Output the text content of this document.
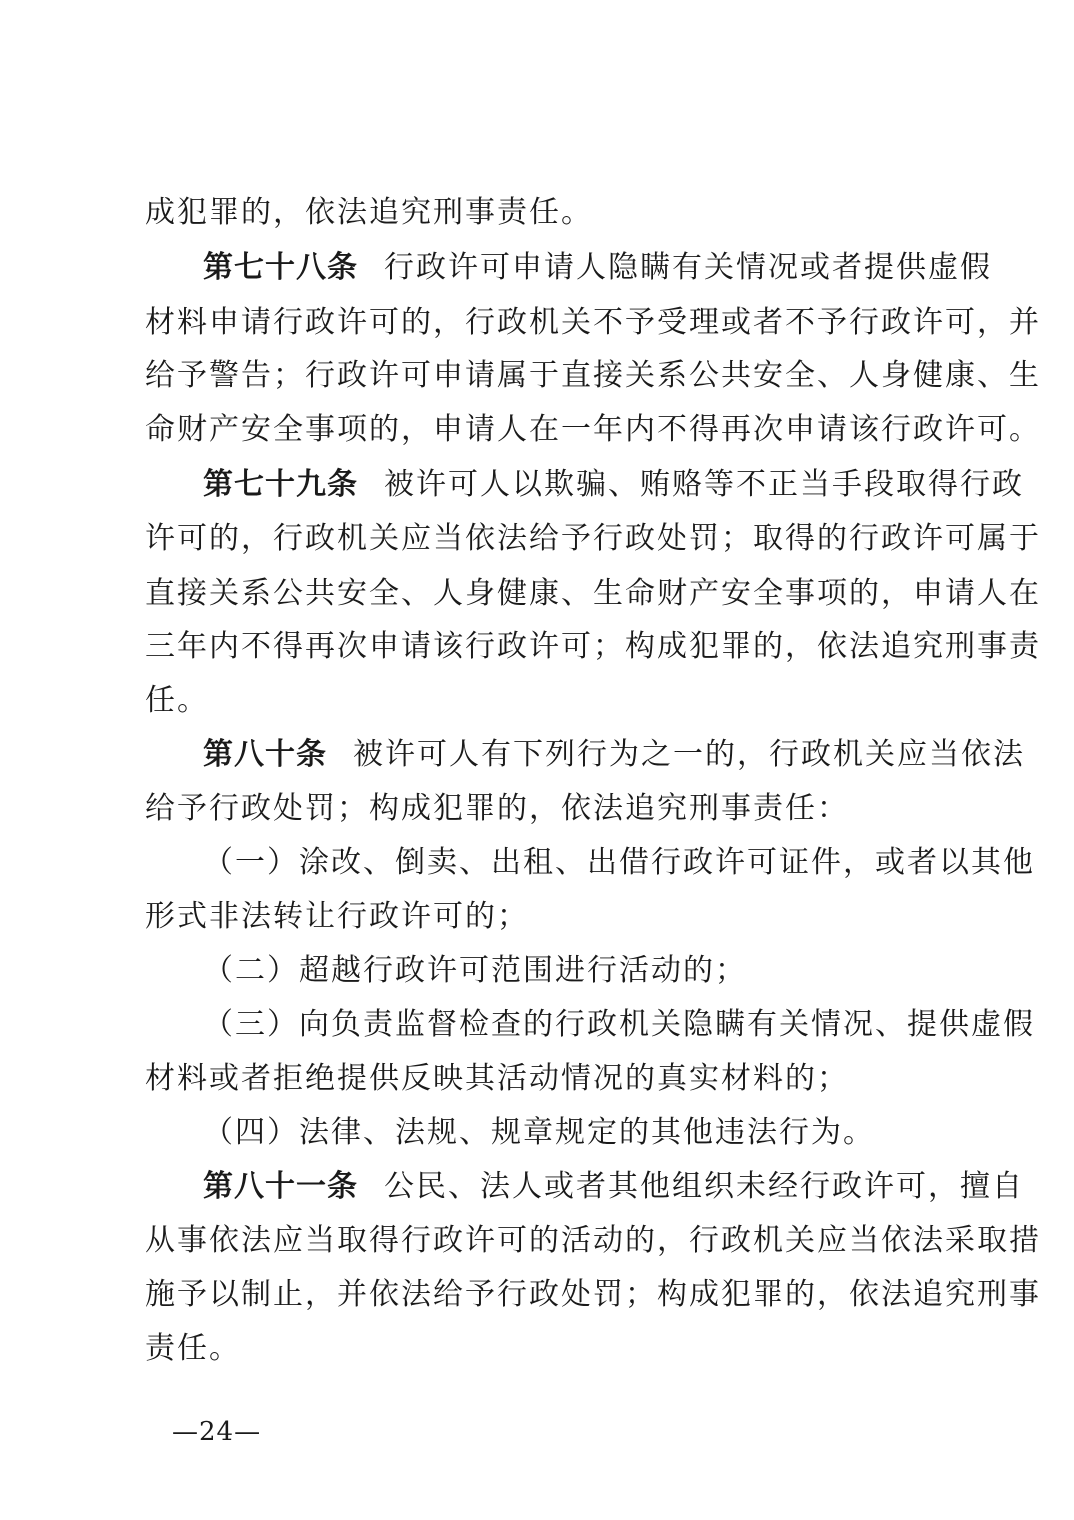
成犯罪的，依法追究刑事责任。
第七十八条 行政许可申请人隐瞒有关情况或者提供虚假
材料申请行政许可的，行政机关不予受理或者不予行政许可，并
给予警告；行政许可申请属于直接关系公共安全、人身健康、生
命财产安全事项的，申请人在一年内不得再次申请该行政许可。
第七十九条 被许可人以欺骗、贿赂等不正当手段取得行政
许可的，行政机关应当依法给予行政处罚；取得的行政许可属于
直接关系公共安全、人身健康、生命财产安全事项的，申请人在
三年内不得再次申请该行政许可；构成犯罪的，依法追究刑事责
任。
第八十条 被许可人有下列行为之一的，行政机关应当依法
给予行政处罚；构成犯罪的，依法追究刑事责任：
（一）涂改、倒卖、出租、出借行政许可证件，或者以其他
形式非法转让行政许可的；
（二）超越行政许可范围进行活动的；
（三）向负责监督检查的行政机关隐瞒有关情况、提供虚假
材料或者拒绝提供反映其活动情况的真实材料的；
（四）法律、法规、规章规定的其他违法行为。
第八十一条 公民、法人或者其他组织未经行政许可，擅自
从事依法应当取得行政许可的活动的，行政机关应当依法采取措
施予以制止，并依法给予行政处罚；构成犯罪的，依法追究刑事
责任。
—24—
